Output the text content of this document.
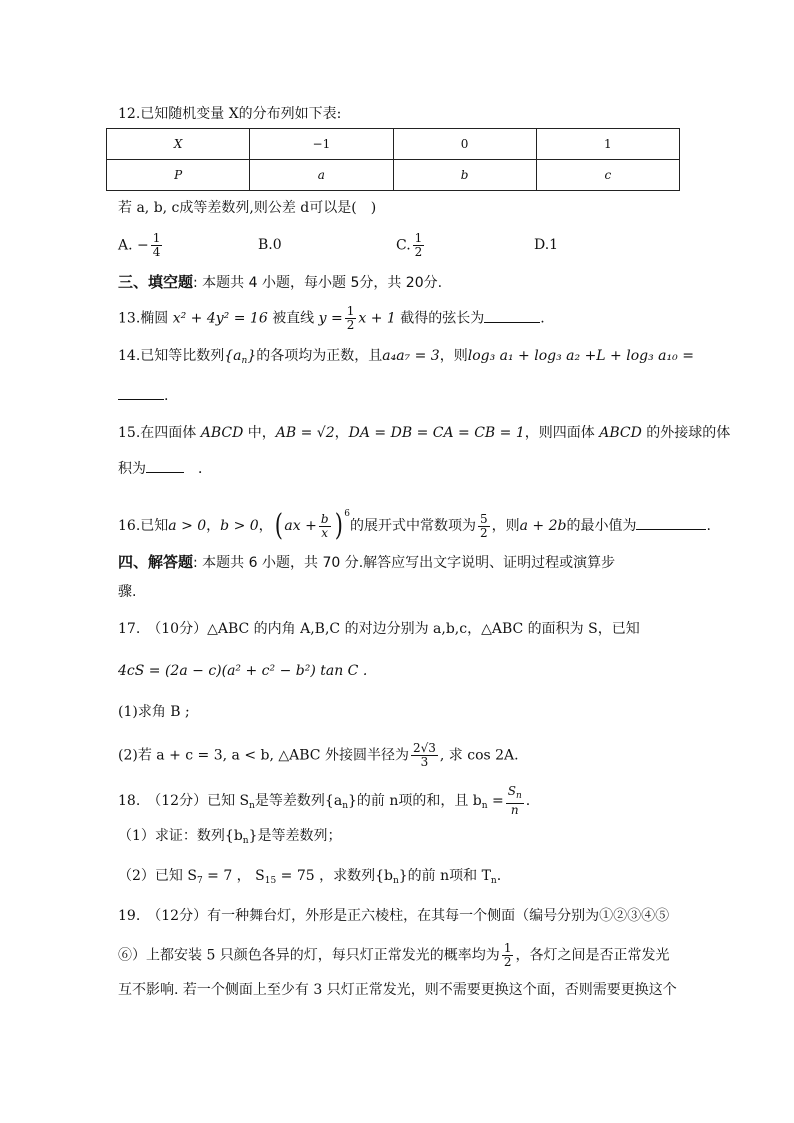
12.已知随机变量 X的分布列如下表:
X	−1	0	1
P	a	b	c
若 a, b, c成等差数列,则公差 d可以是(　)
A. − $\frac{1}{4}$	B.0	C. $\frac{1}{2}$	D.1
三、填空题: 本题共 4 小题，每小题 5分，共 20分.
13.椭圆 x² + 4y² = 16 被直线 $y = \frac{1}{2}$ x + 1 截得的弦长为	.
14.已知等比数列$\{a_n\}$的各项均为正数，且a₄a₇ = 3，则log₃ a₁ + log₃ a₂ +L + log₃ a₁₀ =
.
15.在四面体 ABCD 中，AB = √2，DA = DB = CA = CB = 1，则四面体 ABCD 的外接球的体
积为　	．
16.已知a > 0，b > 0，( ax + $\frac{b}{x}$ ) $^6$的展开式中常数项为 $\frac{5}{2}$ ，则a + 2b的最小值为	.
四、解答题: 本题共 6 小题，共 70 分.解答应写出文字说明、证明过程或演算步
骤.
17.　（10分）△ABC 的内角 A,B,C 的对边分别为 a,b,c，△ABC 的面积为 S，已知
4cS = (2a − c)(a² + c² − b²) tan C .
(1)求角 B ;
(2)若 a + c = 3, a < b, △ABC 外接圆半径为 $\frac{2√3}{3}$ , 求 cos 2A.
18.　（12分）已知 $S_n$是等差数列$\{a_n\}$的前 n项的和，且 $b_n = \frac{S_n}{n}$ .
（1）求证：数列$\{b_n\}$是等差数列；
（2）已知 $S_7 = 7$ ， $S_{15} = 75$ ，求数列$\{b_n\}$的前 n项和 $T_n$.
19.　（12分）有一种舞台灯，外形是正六棱柱，在其每一个侧面（编号分别为①②③④⑤
⑥）上都安装 5 只颜色各异的灯，每只灯正常发光的概率均为 $\frac{1}{2}$ ，各灯之间是否正常发光
互不影响. 若一个侧面上至少有 3 只灯正常发光，则不需要更换这个面，否则需要更换这个
